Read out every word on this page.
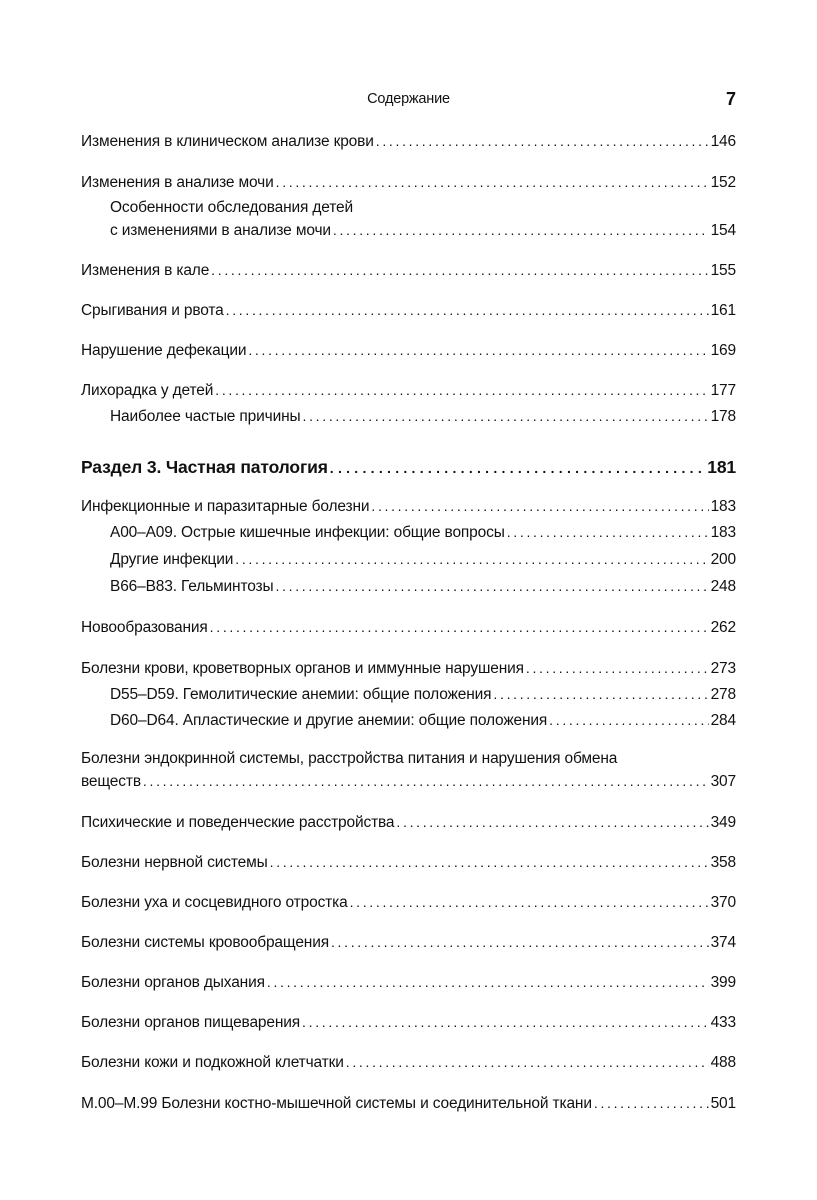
Содержание	7
Изменения в клиническом анализе крови . . .	146
Изменения в анализе мочи . . .	152
Особенности обследования детей
с изменениями в анализе мочи . . .	154
Изменения в кале . . .	155
Срыгивания и рвота . . .	161
Нарушение дефекации . . .	169
Лихорадка у детей . . .	177
Наиболее частые причины . . .	178
Раздел 3. Частная патология . . .	181
Инфекционные и паразитарные болезни . . .	183
A00–A09. Острые кишечные инфекции: общие вопросы . . .	183
Другие инфекции . . .	200
B66–B83. Гельминтозы . . .	248
Новообразования . . .	262
Болезни крови, кроветворных органов и иммунные нарушения . . .	273
D55–D59. Гемолитические анемии: общие положения . . .	278
D60–D64. Апластические и другие анемии: общие положения . . .	284
Болезни эндокринной системы, расстройства питания и нарушения обмена
веществ . . .	307
Психические и поведенческие расстройства . . .	349
Болезни нервной системы . . .	358
Болезни уха и сосцевидного отростка . . .	370
Болезни системы кровообращения . . .	374
Болезни органов дыхания . . .	399
Болезни органов пищеварения . . .	433
Болезни кожи и подкожной клетчатки . . .	488
M.00–M.99 Болезни костно-мышечной системы и соединительной ткани . . .	501
